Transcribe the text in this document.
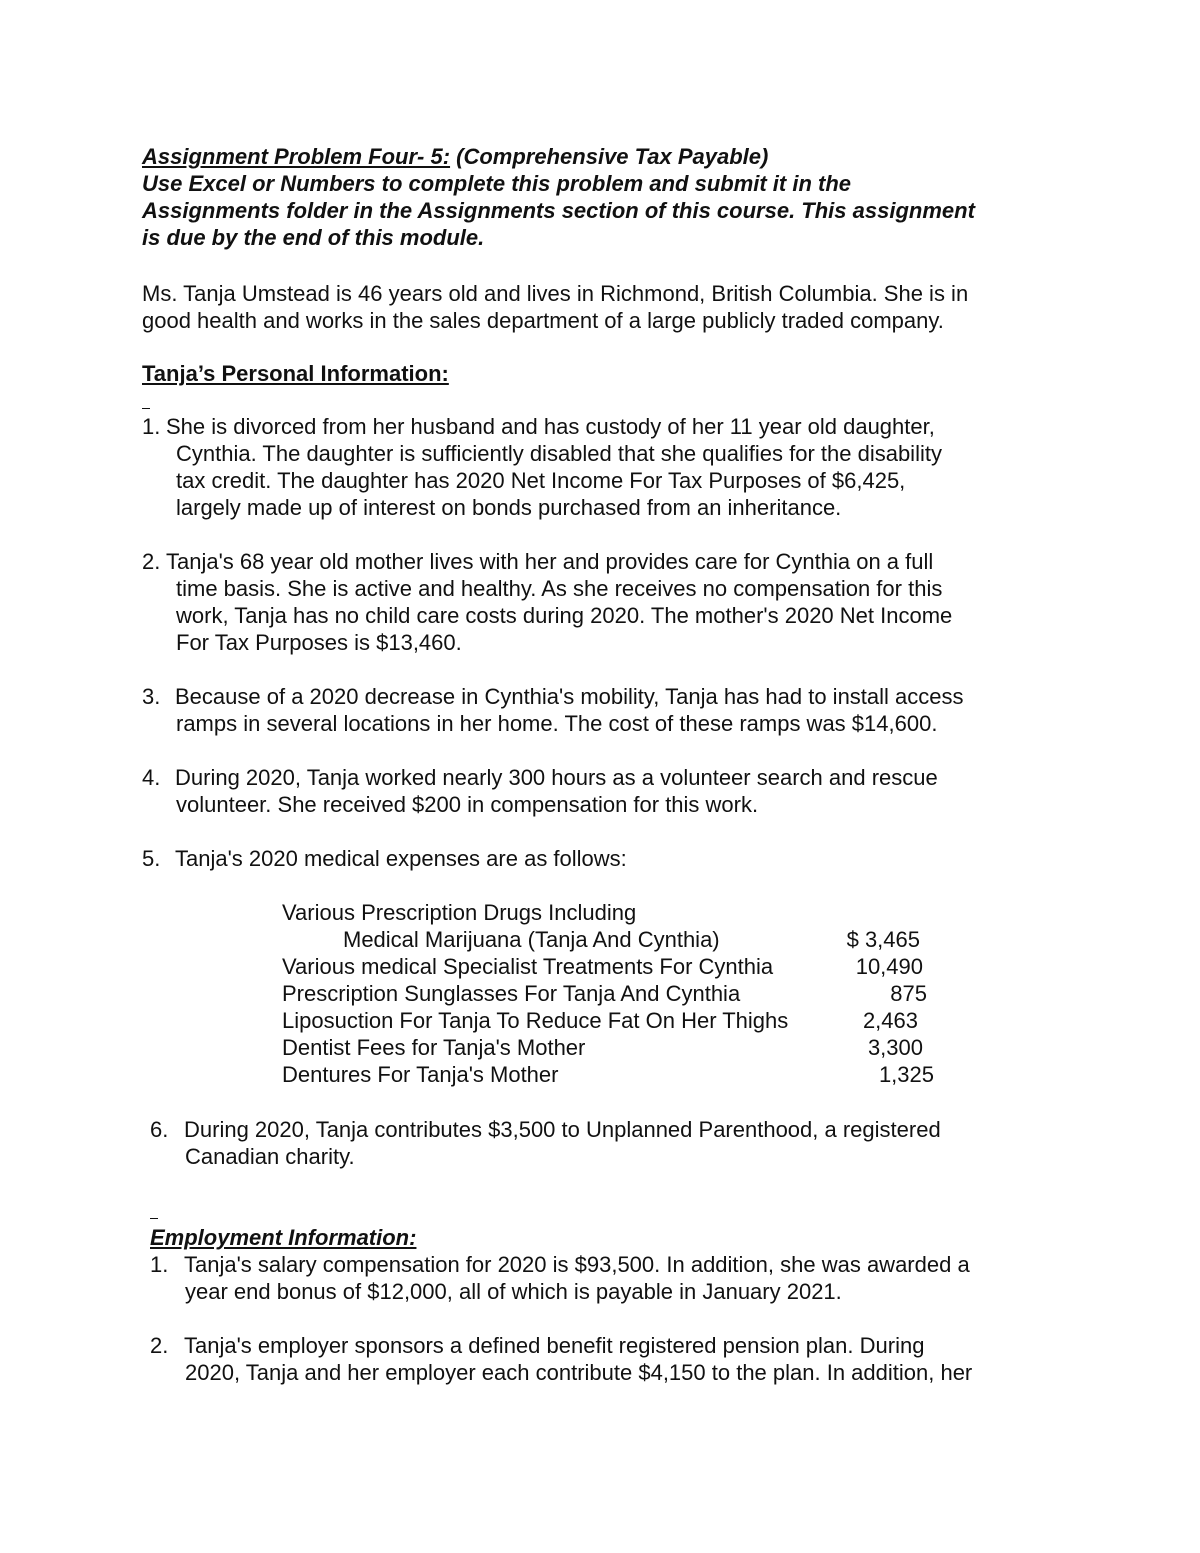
Assignment Problem Four- 5: (Comprehensive Tax Payable)
Use Excel or Numbers to complete this problem and submit it in the
Assignments folder in the Assignments section of this course. This assignment
is due by the end of this module.
Ms. Tanja Umstead is 46 years old and lives in Richmond, British Columbia. She is in
good health and works in the sales department of a large publicly traded company.
Tanja’s Personal Information:
1. She is divorced from her husband and has custody of her 11 year old daughter,
Cynthia. The daughter is sufficiently disabled that she qualifies for the disability
tax credit. The daughter has 2020 Net Income For Tax Purposes of $6,425,
largely made up of interest on bonds purchased from an inheritance.
2. Tanja's 68 year old mother lives with her and provides care for Cynthia on a full
time basis. She is active and healthy. As she receives no compensation for this
work, Tanja has no child care costs during 2020. The mother's 2020 Net Income
For Tax Purposes is $13,460.
3. Because of a 2020 decrease in Cynthia's mobility, Tanja has had to install access
ramps in several locations in her home. The cost of these ramps was $14,600.
4. During 2020, Tanja worked nearly 300 hours as a volunteer search and rescue
volunteer. She received $200 in compensation for this work.
5. Tanja's 2020 medical expenses are as follows:
Various Prescription Drugs Including
Medical Marijuana (Tanja And Cynthia)	$ 3,465
Various medical Specialist Treatments For Cynthia	10,490
Prescription Sunglasses For Tanja And Cynthia	875
Liposuction For Tanja To Reduce Fat On Her Thighs	2,463
Dentist Fees for Tanja's Mother	3,300
Dentures For Tanja's Mother	1,325
6. During 2020, Tanja contributes $3,500 to Unplanned Parenthood, a registered
Canadian charity.
Employment Information:
1. Tanja's salary compensation for 2020 is $93,500. In addition, she was awarded a
year end bonus of $12,000, all of which is payable in January 2021.
2. Tanja's employer sponsors a defined benefit registered pension plan. During
2020, Tanja and her employer each contribute $4,150 to the plan. In addition, her
